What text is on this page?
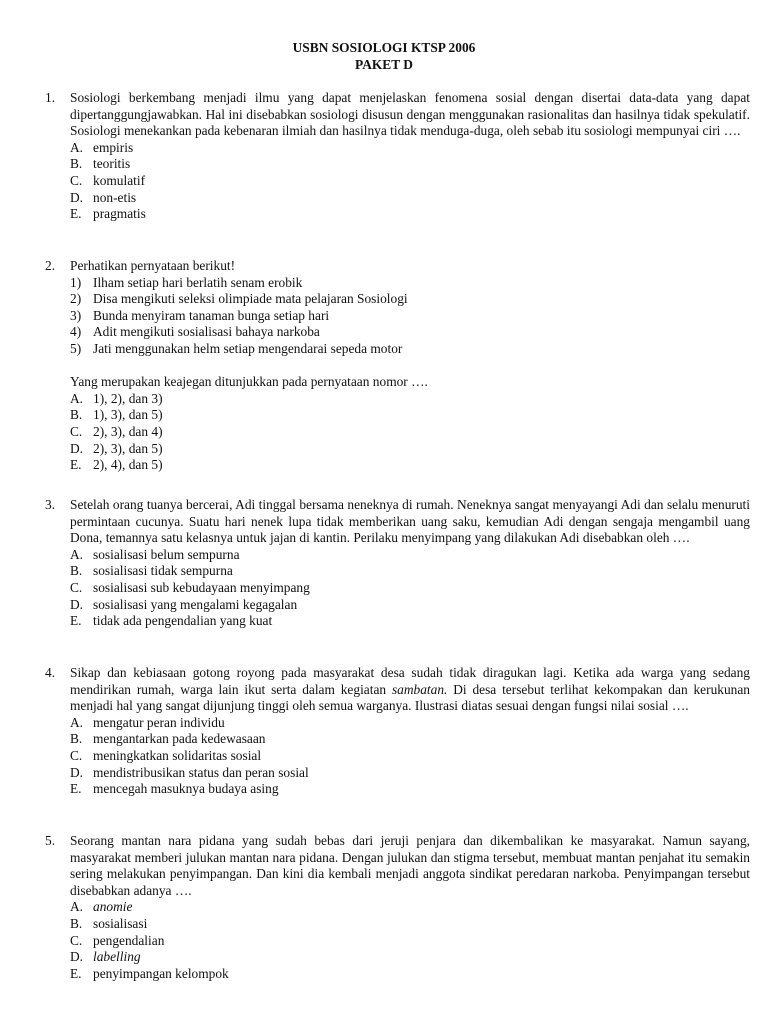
USBN SOSIOLOGI KTSP 2006
PAKET D
1. Sosiologi berkembang menjadi ilmu yang dapat menjelaskan fenomena sosial dengan disertai data-data yang dapat dipertanggungjawabkan. Hal ini disebabkan sosiologi disusun dengan menggunakan rasionalitas dan hasilnya tidak spekulatif. Sosiologi menekankan pada kebenaran ilmiah dan hasilnya tidak menduga-duga, oleh sebab itu sosiologi mempunyai ciri ….
A. empiris
B. teoritis
C. komulatif
D. non-etis
E. pragmatis
2. Perhatikan pernyataan berikut!
1) Ilham setiap hari berlatih senam erobik
2) Disa mengikuti seleksi olimpiade mata pelajaran Sosiologi
3) Bunda menyiram tanaman bunga setiap hari
4) Adit mengikuti sosialisasi bahaya narkoba
5) Jati menggunakan helm setiap mengendarai sepeda motor
Yang merupakan keajegan ditunjukkan pada pernyataan nomor ….
A. 1), 2), dan 3)
B. 1), 3), dan 5)
C. 2), 3), dan 4)
D. 2), 3), dan 5)
E. 2), 4), dan 5)
3. Setelah orang tuanya bercerai, Adi tinggal bersama neneknya di rumah. Neneknya sangat menyayangi Adi dan selalu menuruti permintaan cucunya. Suatu hari nenek lupa tidak memberikan uang saku, kemudian Adi dengan sengaja mengambil uang Dona, temannya satu kelasnya untuk jajan di kantin. Perilaku menyimpang yang dilakukan Adi disebabkan oleh ….
A. sosialisasi belum sempurna
B. sosialisasi tidak sempurna
C. sosialisasi sub kebudayaan menyimpang
D. sosialisasi yang mengalami kegagalan
E. tidak ada pengendalian yang kuat
4. Sikap dan kebiasaan gotong royong pada masyarakat desa sudah tidak diragukan lagi. Ketika ada warga yang sedang mendirikan rumah, warga lain ikut serta dalam kegiatan sambatan. Di desa tersebut terlihat kekompakan dan kerukunan menjadi hal yang sangat dijunjung tinggi oleh semua warganya. Ilustrasi diatas sesuai dengan fungsi nilai sosial ….
A. mengatur peran individu
B. mengantarkan pada kedewasaan
C. meningkatkan solidaritas sosial
D. mendistribusikan status dan peran sosial
E. mencegah masuknya budaya asing
5. Seorang mantan nara pidana yang sudah bebas dari jeruji penjara dan dikembalikan ke masyarakat. Namun sayang, masyarakat memberi julukan mantan nara pidana. Dengan julukan dan stigma tersebut, membuat mantan penjahat itu semakin sering melakukan penyimpangan. Dan kini dia kembali menjadi anggota sindikat peredaran narkoba. Penyimpangan tersebut disebabkan adanya ….
A. anomie
B. sosialisasi
C. pengendalian
D. labelling
E. penyimpangan kelompok
